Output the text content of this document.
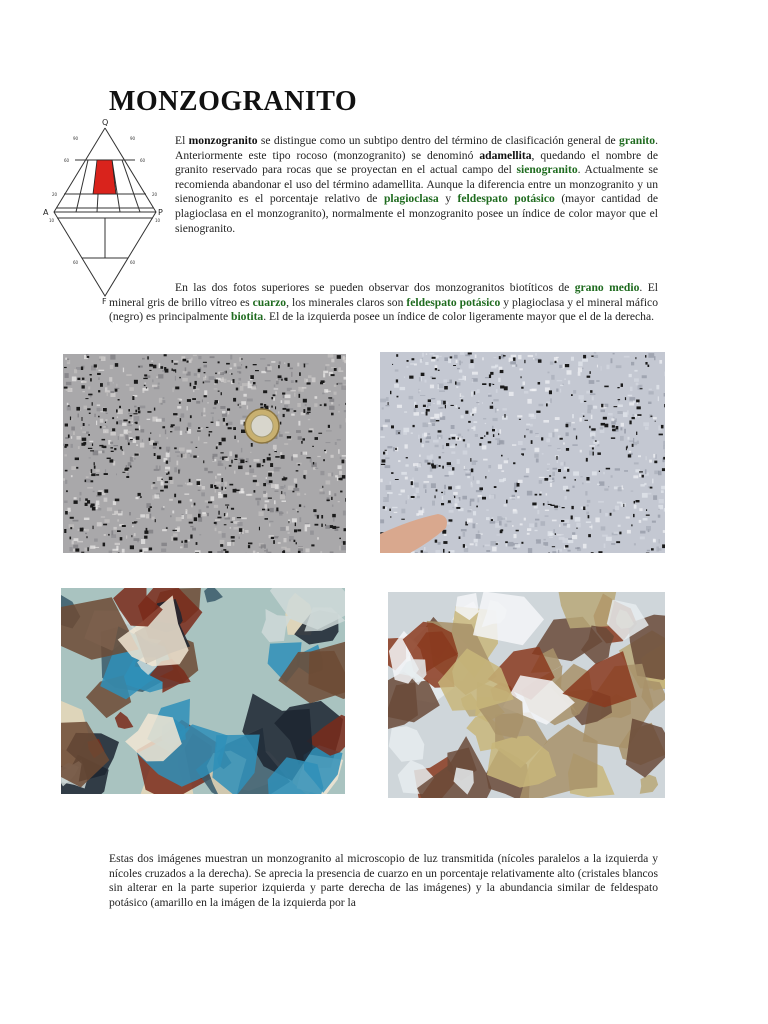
MONZOGRANITO
Q
A	P
F
90	90
60	60
20	20
10	10
60	60
El monzogranito se distingue como un subtipo dentro del término de clasificación general de granito. Anteriormente este tipo rocoso (monzogranito) se denominó adamellita, quedando el nombre de granito reservado para rocas que se proyectan en el actual campo del sienogranito. Actualmente se recomienda abandonar el uso del término adamellita. Aunque la diferencia entre un monzogranito y un sienogranito es el porcentaje relativo de plagioclasa y feldespato potásico (mayor cantidad de plagioclasa en el monzogranito), normalmente el monzogranito posee un índice de color mayor que el sienogranito.
En las dos fotos superiores se pueden observar dos monzogranitos biotíticos de grano medio. El mineral gris de brillo vítreo es cuarzo, los minerales claros son feldespato potásico y plagioclasa y el mineral máfico (negro) es principalmente biotita. El de la izquierda posee un índice de color ligeramente mayor que el de la derecha.
Estas dos imágenes muestran un monzogranito al microscopio de luz transmitida (nícoles paralelos a la izquierda y nícoles cruzados a la derecha). Se aprecia la presencia de cuarzo en un porcentaje relativamente alto (cristales blancos sin alterar en la parte superior izquierda y parte derecha de las imágenes) y la abundancia similar de feldespato potásico (amarillo en la imágen de la izquierda por la
